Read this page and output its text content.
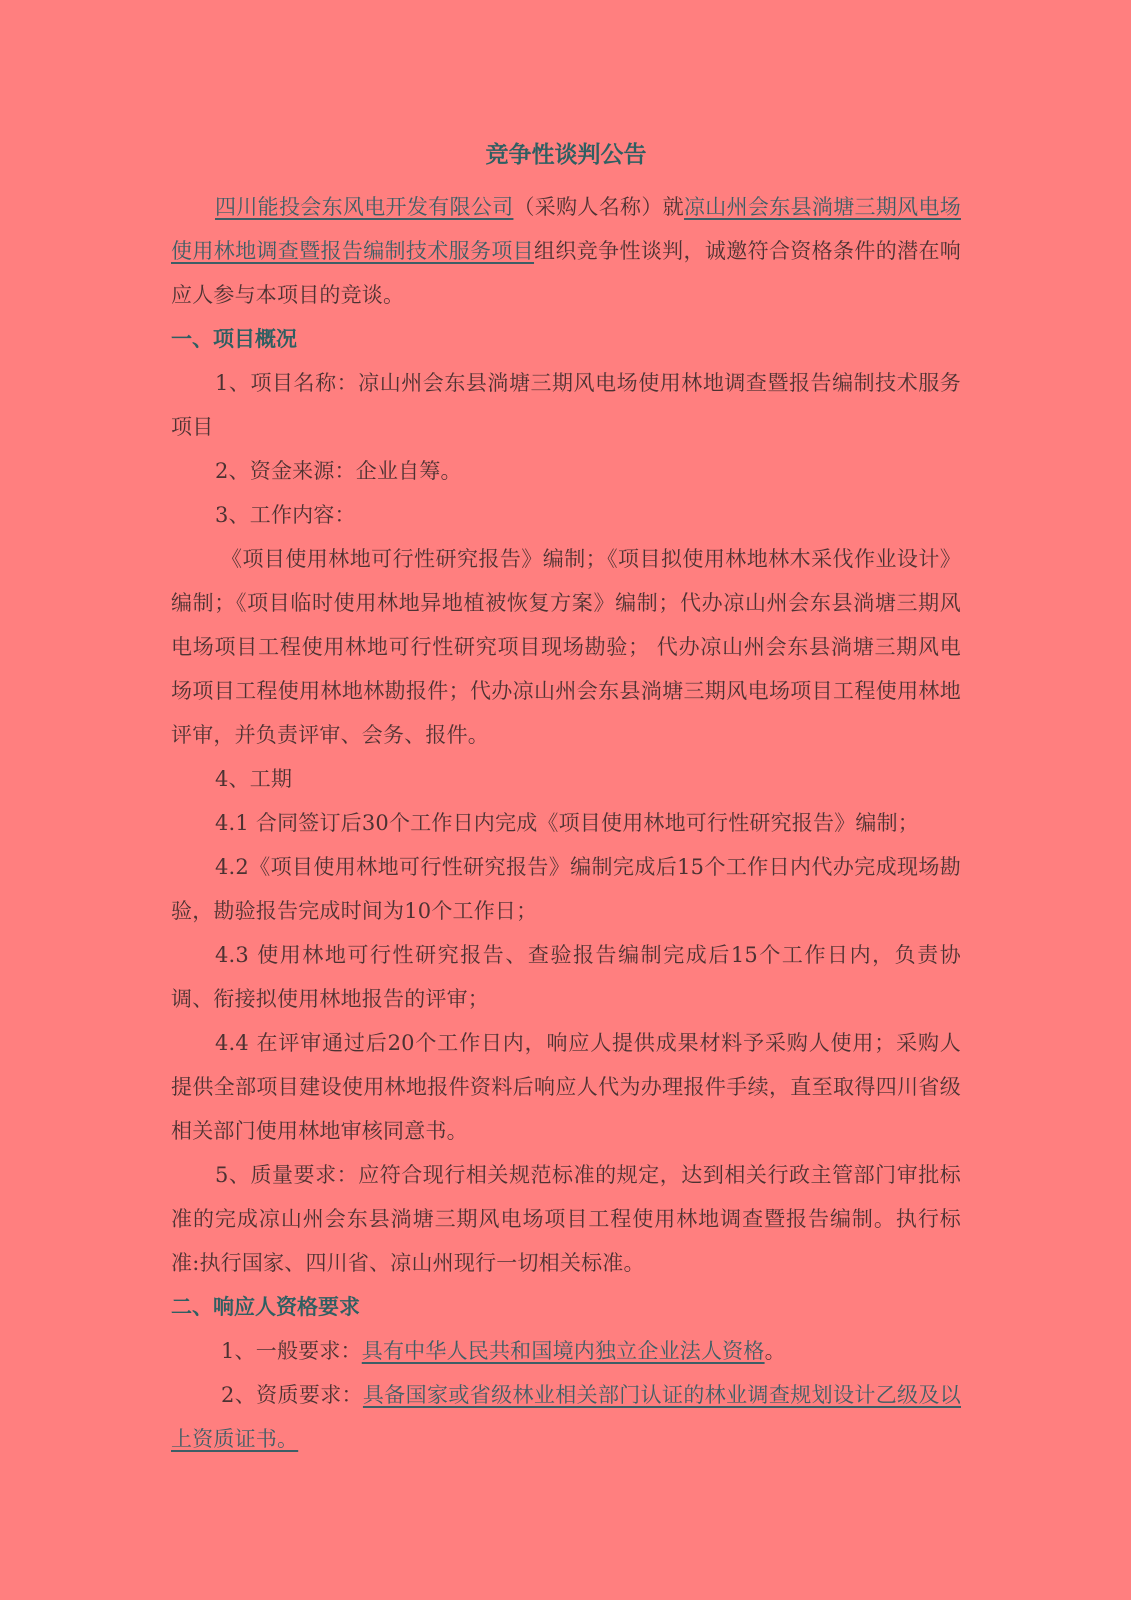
竞争性谈判公告

四川能投会东风电开发有限公司（采购人名称）就凉山州会东县淌塘三期风电场使用林地调查暨报告编制技术服务项目组织竞争性谈判，诚邀符合资格条件的潜在响应人参与本项目的竞谈。

一、项目概况

1、项目名称：凉山州会东县淌塘三期风电场使用林地调查暨报告编制技术服务项目

2、资金来源：企业自筹。

3、工作内容：

《项目使用林地可行性研究报告》编制；《项目拟使用林地林木采伐作业设计》编制；《项目临时使用林地异地植被恢复方案》编制；代办凉山州会东县淌塘三期风电场项目工程使用林地可行性研究项目现场勘验； 代办凉山州会东县淌塘三期风电场项目工程使用林地林勘报件；代办凉山州会东县淌塘三期风电场项目工程使用林地评审，并负责评审、会务、报件。

4、工期

4.1 合同签订后30个工作日内完成《项目使用林地可行性研究报告》编制；

4.2《项目使用林地可行性研究报告》编制完成后15个工作日内代办完成现场勘验，勘验报告完成时间为10个工作日；

4.3 使用林地可行性研究报告、查验报告编制完成后15个工作日内，负责协调、衔接拟使用林地报告的评审；

4.4 在评审通过后20个工作日内，响应人提供成果材料予采购人使用；采购人提供全部项目建设使用林地报件资料后响应人代为办理报件手续，直至取得四川省级相关部门使用林地审核同意书。

5、质量要求：应符合现行相关规范标准的规定，达到相关行政主管部门审批标准的完成凉山州会东县淌塘三期风电场项目工程使用林地调查暨报告编制。执行标准:执行国家、四川省、凉山州现行一切相关标准。

二、响应人资格要求

1、一般要求：具有中华人民共和国境内独立企业法人资格。

2、资质要求：具备国家或省级林业相关部门认证的林业调查规划设计乙级及以上资质证书。
